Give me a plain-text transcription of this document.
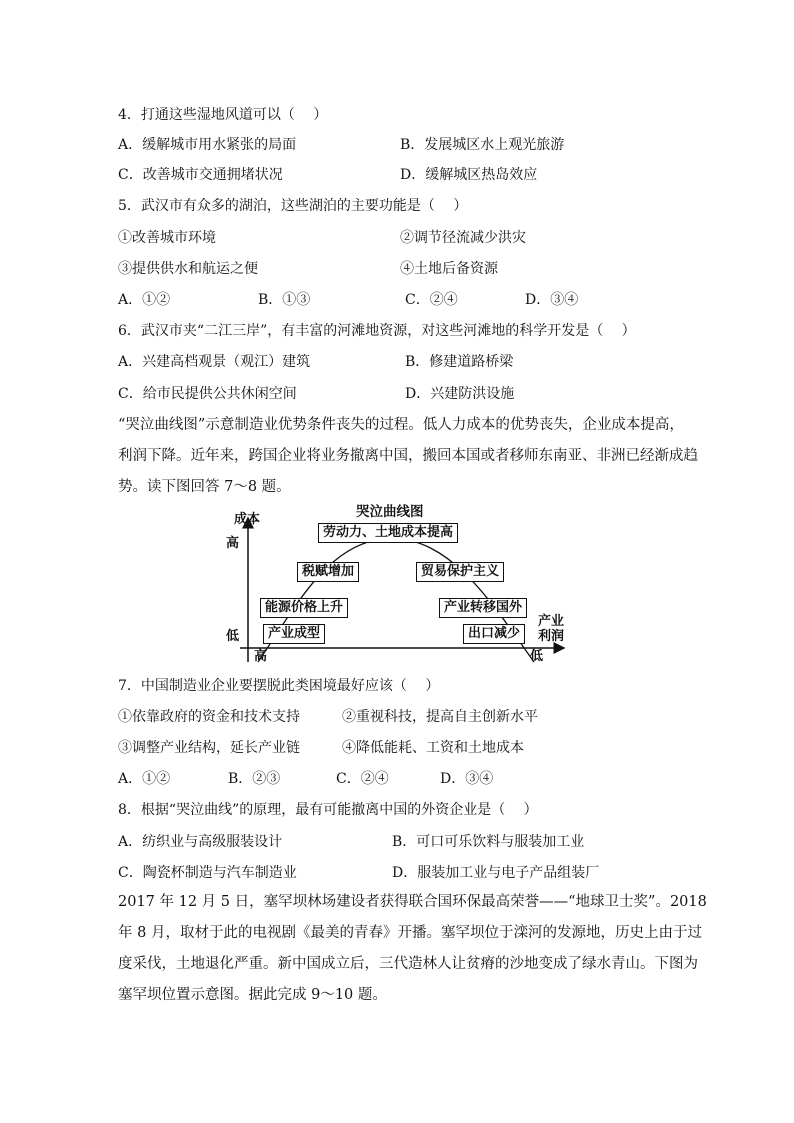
4．打通这些湿地风道可以（　 ）
A．缓解城市用水紧张的局面	B．发展城区水上观光旅游
C．改善城市交通拥堵状况	D．缓解城区热岛效应
5．武汉市有众多的湖泊，这些湖泊的主要功能是（　 ）
①改善城市环境	②调节径流减少洪灾
③提供供水和航运之便	④土地后备资源
A．①②	B．①③	C．②④	D．③④
6．武汉市夹“二江三岸”，有丰富的河滩地资源，对这些河滩地的科学开发是（　 ）
A．兴建高档观景（观江）建筑	B．修建道路桥梁
C．给市民提供公共休闲空间	D．兴建防洪设施
“哭泣曲线图”示意制造业优势条件丧失的过程。低人力成本的优势丧失，企业成本提高，
利润下降。近年来，跨国企业将业务撤离中国，搬回本国或者移师东南亚、非洲已经渐成趋
势。读下图回答 7～8 题。
哭泣曲线图
成本
高
低
产业
利润
高	低
劳动力、土地成本提高
税赋增加	贸易保护主义
能源价格上升	产业转移国外
产业成型	出口减少
7．中国制造业企业要摆脱此类困境最好应该（　 ）
①依靠政府的资金和技术支持	②重视科技，提高自主创新水平
③调整产业结构，延长产业链	④降低能耗、工资和土地成本
A．①②	B．②③	C．②④	D．③④
8．根据“哭泣曲线”的原理，最有可能撤离中国的外资企业是（　 ）
A．纺织业与高级服装设计	B．可口可乐饮料与服装加工业
C．陶瓷杯制造与汽车制造业	D．服装加工业与电子产品组装厂
2017 年 12 月 5 日，塞罕坝林场建设者获得联合国环保最高荣誉——“地球卫士奖”。2018
年 8 月，取材于此的电视剧《最美的青春》开播。塞罕坝位于滦河的发源地，历史上由于过
度采伐，土地退化严重。新中国成立后，三代造林人让贫瘠的沙地变成了绿水青山。下图为
塞罕坝位置示意图。据此完成 9～10 题。
